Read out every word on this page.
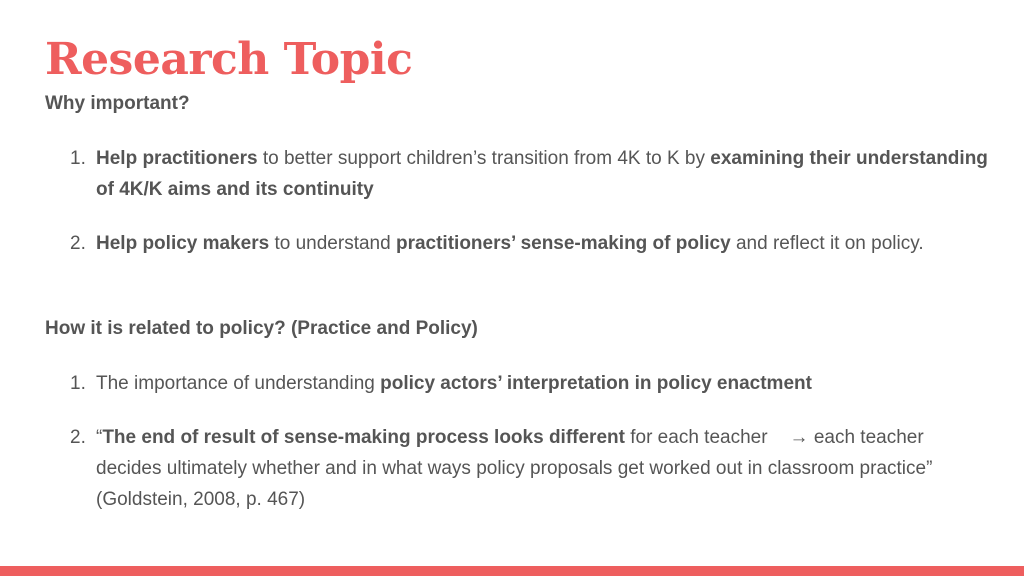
Research Topic
Why important?
1. Help practitioners to better support children’s transition from 4K to K by examining their understanding of 4K/K aims and its continuity
2. Help policy makers to understand practitioners’ sense-making of policy and reflect it on policy.
How it is related to policy? (Practice and Policy)
1. The importance of understanding policy actors’ interpretation in policy enactment
2. “The end of result of sense-making process looks different for each teacher → each teacher decides ultimately whether and in what ways policy proposals get worked out in classroom practice” (Goldstein, 2008, p. 467)
